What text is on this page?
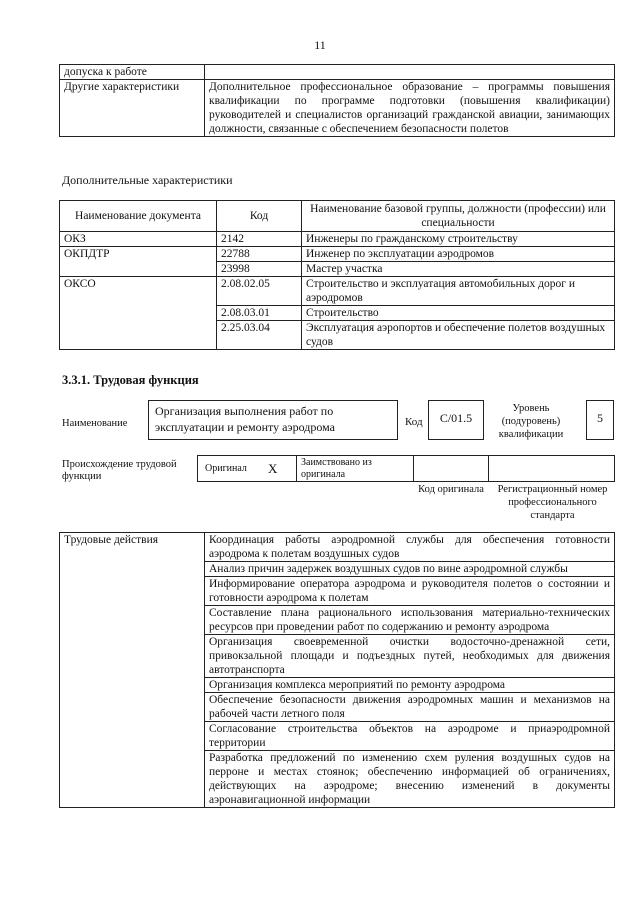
11
допуска к работе	
Другие характеристики	Дополнительное профессиональное образование – программы повышения квалификации по программе подготовки (повышения квалификации) руководителей и специалистов организаций гражданской авиации, занимающих должности, связанные с обеспечением безопасности полетов
Дополнительные характеристики
Наименование документа	Код	Наименование базовой группы, должности (профессии) или специальности
ОКЗ	2142	Инженеры по гражданскому строительству
ОКПДТР	22788	Инженер по эксплуатации аэродромов
	23998	Мастер участка
ОКСО	2.08.02.05	Строительство и эксплуатация автомобильных дорог и аэродромов
	2.08.03.01	Строительство
	2.25.03.04	Эксплуатация аэропортов и обеспечение полетов воздушных судов
3.3.1. Трудовая функция
Наименование
Организация выполнения работ по эксплуатации и ремонту аэродрома	Код	С/01.5
Уровень (подуровень) квалификации
5
Происхождение трудовой функции
Оригинал X	Заимствовано из оригинала
Код оригинала	Регистрационный номер профессионального стандарта
Трудовые действия	Координация работы аэродромной службы для обеспечения готовности аэродрома к полетам воздушных судов
Анализ причин задержек воздушных судов по вине аэродромной службы
Информирование оператора аэродрома и руководителя полетов о состоянии и готовности аэродрома к полетам
Составление плана рационального использования материально-технических ресурсов при проведении работ по содержанию и ремонту аэродрома
Организация своевременной очистки водосточно-дренажной сети, привокзальной площади и подъездных путей, необходимых для движения автотранспорта
Организация комплекса мероприятий по ремонту аэродрома
Обеспечение безопасности движения аэродромных машин и механизмов на рабочей части летного поля
Согласование строительства объектов на аэродроме и приаэродромной территории
Разработка предложений по изменению схем руления воздушных судов на перроне и местах стоянок; обеспечению информацией об ограничениях, действующих на аэродроме; внесению изменений в документы аэронавигационной информации
